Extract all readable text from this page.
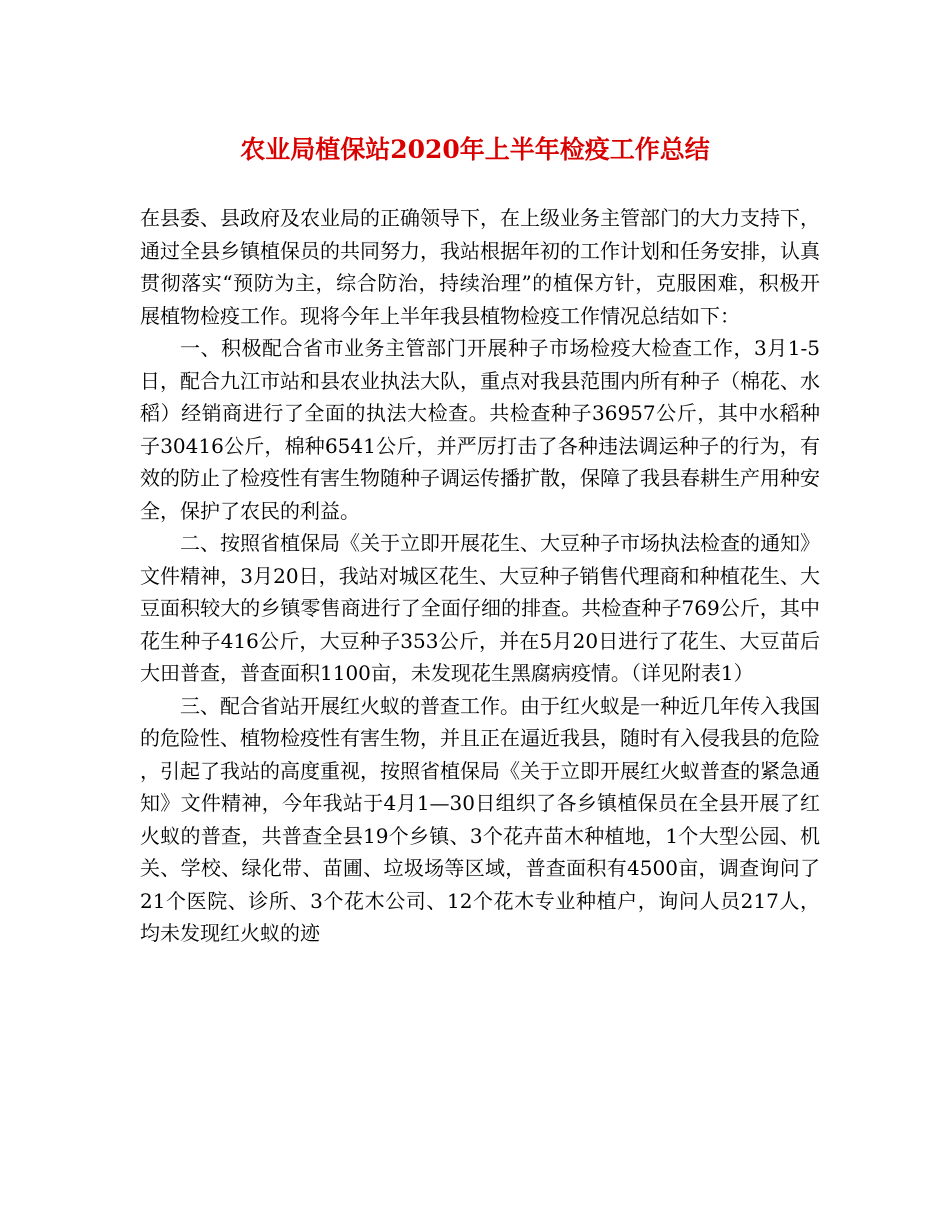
农业局植保站2020年上半年检疫工作总结

在县委、县政府及农业局的正确领导下，在上级业务主管部门的大力支持下，通过全县乡镇植保员的共同努力，我站根据年初的工作计划和任务安排，认真贯彻落实“预防为主，综合防治，持续治理”的植保方针，克服困难，积极开展植物检疫工作。现将今年上半年我县植物检疫工作情况总结如下：

一、积极配合省市业务主管部门开展种子市场检疫大检查工作，3月1-5日，配合九江市站和县农业执法大队，重点对我县范围内所有种子（棉花、水稻）经销商进行了全面的执法大检查。共检查种子36957公斤，其中水稻种子30416公斤，棉种6541公斤，并严厉打击了各种违法调运种子的行为，有效的防止了检疫性有害生物随种子调运传播扩散，保障了我县春耕生产用种安全，保护了农民的利益。

二、按照省植保局《关于立即开展花生、大豆种子市场执法检查的通知》文件精神，3月20日，我站对城区花生、大豆种子销售代理商和种植花生、大豆面积较大的乡镇零售商进行了全面仔细的排查。共检查种子769公斤，其中花生种子416公斤，大豆种子353公斤，并在5月20日进行了花生、大豆苗后大田普查，普查面积1100亩，未发现花生黑腐病疫情。（详见附表1）

三、配合省站开展红火蚁的普查工作。由于红火蚁是一种近几年传入我国的危险性、植物检疫性有害生物，并且正在逼近我县，随时有入侵我县的危险，引起了我站的高度重视，按照省植保局《关于立即开展红火蚁普查的紧急通知》文件精神，今年我站于4月1—30日组织了各乡镇植保员在全县开展了红火蚁的普查，共普查全县19个乡镇、3个花卉苗木种植地，1个大型公园、机关、学校、绿化带、苗圃、垃圾场等区域，普查面积有4500亩，调查询问了21个医院、诊所、3个花木公司、12个花木专业种植户，询问人员217人，均未发现红火蚁的迹
